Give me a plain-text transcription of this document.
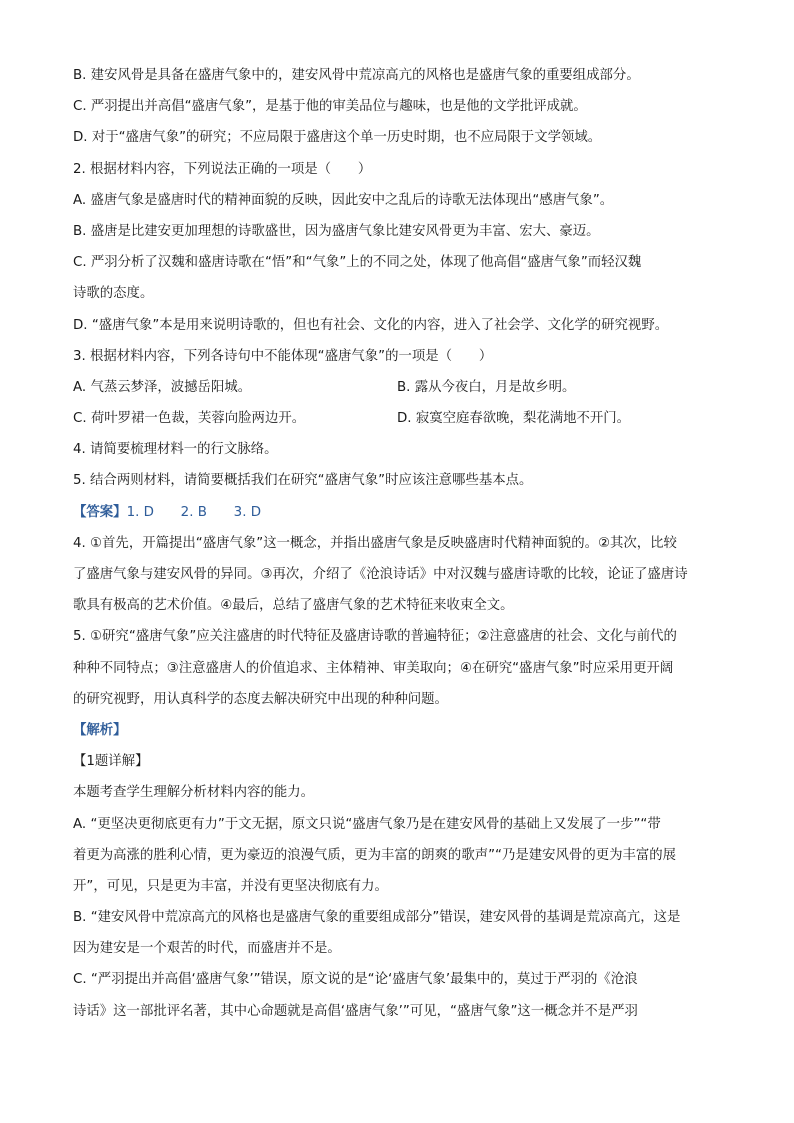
B. 建安风骨是具备在盛唐气象中的，建安风骨中荒凉高亢的风格也是盛唐气象的重要组成部分。
C. 严羽提出并高倡“盛唐气象”，是基于他的审美品位与趣味，也是他的文学批评成就。
D. 对于“盛唐气象”的研究；不应局限于盛唐这个单一历史时期，也不应局限于文学领域。
2. 根据材料内容，下列说法正确的一项是（　　）
A. 盛唐气象是盛唐时代的精神面貌的反映，因此安中之乱后的诗歌无法体现出“感唐气象”。
B. 盛唐是比建安更加理想的诗歌盛世，因为盛唐气象比建安风骨更为丰富、宏大、豪迈。
C. 严羽分析了汉魏和盛唐诗歌在“悟”和“气象”上的不同之处，体现了他高倡“盛唐气象”而轻汉魏
诗歌的态度。
D. “盛唐气象”本是用来说明诗歌的，但也有社会、文化的内容，进入了社会学、文化学的研究视野。
3. 根据材料内容，下列各诗句中不能体现“盛唐气象”的一项是（　　）
A. 气蒸云梦泽，波撼岳阳城。	B. 露从今夜白，月是故乡明。
C. 荷叶罗裙一色裁，芙蓉向脸两边开。	D. 寂寞空庭春欲晚，梨花满地不开门。
4. 请简要梳理材料一的行文脉络。
5. 结合两则材料，请简要概括我们在研究“盛唐气象”时应该注意哪些基本点。
【答案】1. D　　2. B　　3. D
4. ①首先，开篇提出“盛唐气象”这一概念，并指出盛唐气象是反映盛唐时代精神面貌的。②其次，比较
了盛唐气象与建安风骨的异同。③再次，介绍了《沧浪诗话》中对汉魏与盛唐诗歌的比较，论证了盛唐诗
歌具有极高的艺术价值。④最后，总结了盛唐气象的艺术特征来收束全文。
5. ①研究“盛唐气象”应关注盛唐的时代特征及盛唐诗歌的普遍特征；②注意盛唐的社会、文化与前代的
种种不同特点；③注意盛唐人的价值追求、主体精神、审美取向；④在研究“盛唐气象”时应采用更开阔
的研究视野，用认真科学的态度去解决研究中出现的种种问题。
【解析】
【1题详解】
本题考查学生理解分析材料内容的能力。
A. “更坚决更彻底更有力”于文无据，原文只说“盛唐气象乃是在建安风骨的基础上又发展了一步”“带
着更为高涨的胜利心情，更为豪迈的浪漫气质，更为丰富的朗爽的歌声”“乃是建安风骨的更为丰富的展
开”，可见，只是更为丰富，并没有更坚决彻底有力。
B. “建安风骨中荒凉高亢的风格也是盛唐气象的重要组成部分”错误，建安风骨的基调是荒凉高亢，这是
因为建安是一个艰苦的时代，而盛唐并不是。
C. “严羽提出并高倡‘盛唐气象’”错误，原文说的是“论‘盛唐气象’最集中的，莫过于严羽的《沧浪
诗话》这一部批评名著，其中心命题就是高倡‘盛唐气象’”可见，“盛唐气象”这一概念并不是严羽
